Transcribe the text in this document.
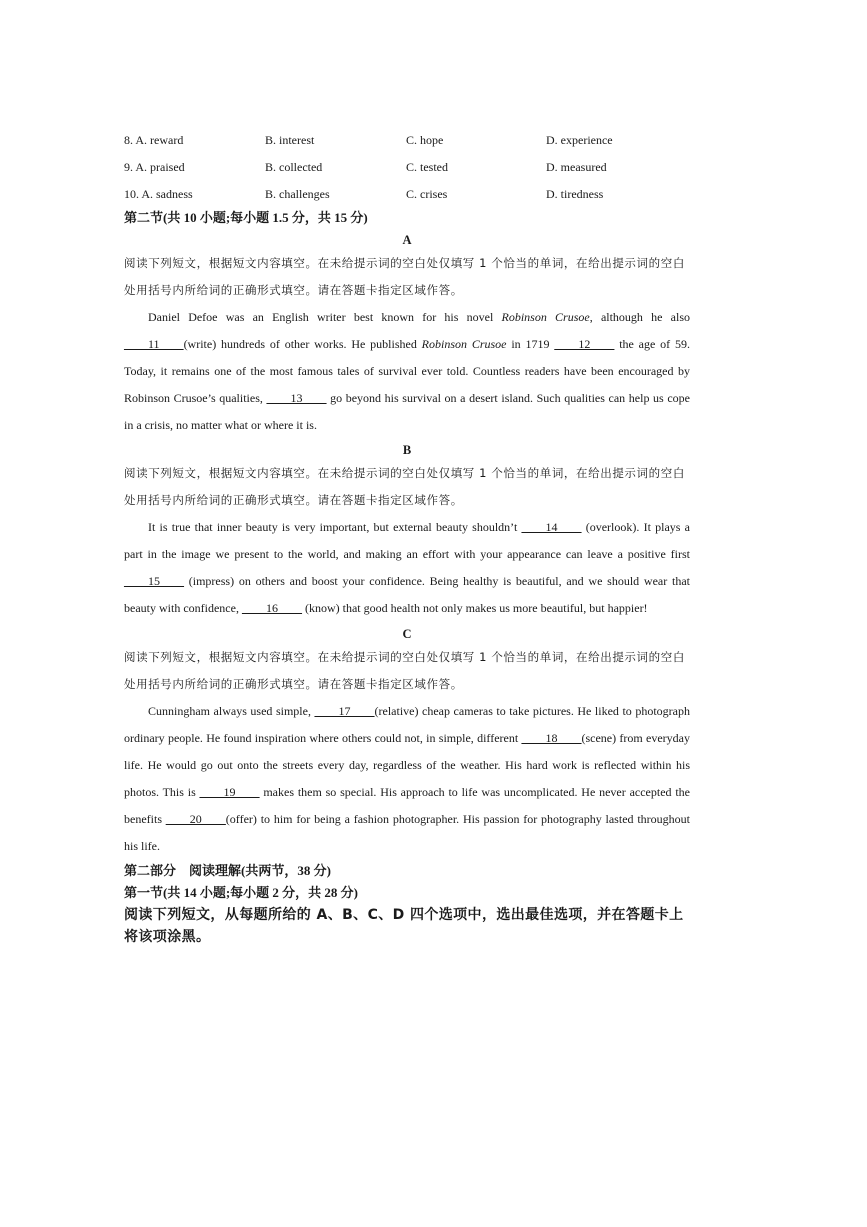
8. A. reward	B. interest	C. hope	D. experience
9. A. praised	B. collected	C. tested	D. measured
10. A. sadness	B. challenges	C. crises	D. tiredness
第二节(共 10 小题;每小题 1.5 分，共 15 分)
A
阅读下列短文，根据短文内容填空。在未给提示词的空白处仅填写 1 个恰当的单词，在给出提示词的空白
处用括号内所给词的正确形式填空。请在答题卡指定区域作答。
Daniel Defoe was an English writer best known for his novel Robinson Crusoe, although he also ____11____(write) hundreds of other works. He published Robinson Crusoe in 1719 ____12____ the age of 59. Today, it remains one of the most famous tales of survival ever told. Countless readers have been encouraged by Robinson Crusoe’s qualities, ____13____ go beyond his survival on a desert island. Such qualities can help us cope in a crisis, no matter what or where it is.
B
阅读下列短文，根据短文内容填空。在未给提示词的空白处仅填写 1 个恰当的单词，在给出提示词的空白
处用括号内所给词的正确形式填空。请在答题卡指定区域作答。
It is true that inner beauty is very important, but external beauty shouldn’t ____14____ (overlook). It plays a part in the image we present to the world, and making an effort with your appearance can leave a positive first ____15____ (impress) on others and boost your confidence. Being healthy is beautiful, and we should wear that beauty with confidence, ____16____ (know) that good health not only makes us more beautiful, but happier!
C
阅读下列短文，根据短文内容填空。在未给提示词的空白处仅填写 1 个恰当的单词，在给出提示词的空白
处用括号内所给词的正确形式填空。请在答题卡指定区域作答。
Cunningham always used simple, ____17____(relative) cheap cameras to take pictures. He liked to photograph ordinary people. He found inspiration where others could not, in simple, different ____18____(scene) from everyday life. He would go out onto the streets every day, regardless of the weather. His hard work is reflected within his photos. This is ____19____ makes them so special. His approach to life was uncomplicated. He never accepted the benefits ____20____(offer) to him for being a fashion photographer. His passion for photography lasted throughout his life.
第二部分　阅读理解(共两节，38 分)
第一节(共 14 小题;每小题 2 分，共 28 分)
阅读下列短文，从每题所给的 A、B、C、D 四个选项中，选出最佳选项，并在答题卡上将该项涂黑。
